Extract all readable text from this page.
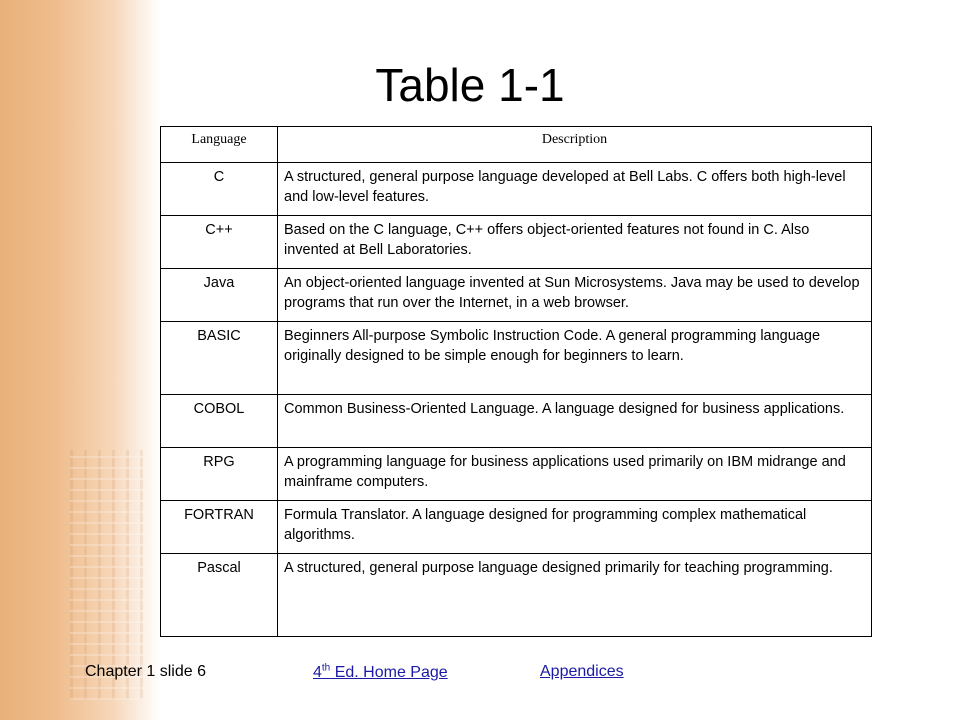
Table 1-1
Language	Description
C	A structured, general purpose language developed at Bell Labs. C offers both high-level and low-level features.
C++	Based on the C language, C++ offers object-oriented features not found in C. Also invented at Bell Laboratories.
Java	An object-oriented language invented at Sun Microsystems. Java may be used to develop programs that run over the Internet, in a web browser.
BASIC	Beginners All-purpose Symbolic Instruction Code. A general programming language originally designed to be simple enough for beginners to learn.
COBOL	Common Business-Oriented Language. A language designed for business applications.
RPG	A programming language for business applications used primarily on IBM midrange and mainframe computers.
FORTRAN	Formula Translator. A language designed for programming complex mathematical algorithms.
Pascal	A structured, general purpose language designed primarily for teaching programming.
Chapter 1 slide 6	4th Ed. Home Page	Appendices
